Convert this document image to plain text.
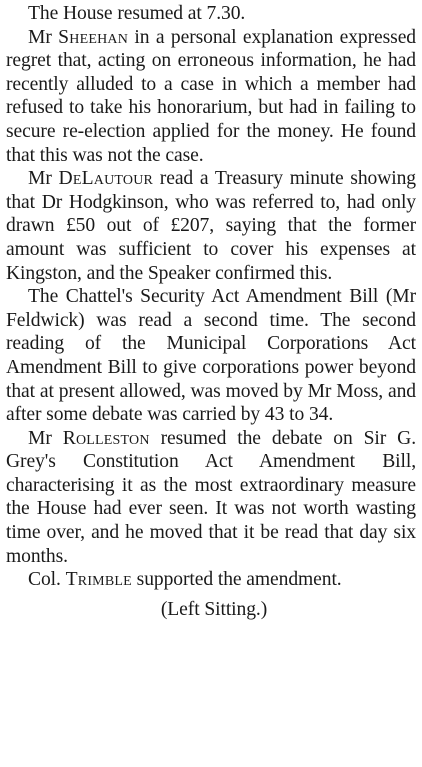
The House resumed at 7.30.

Mr Sheehan in a personal explanation expressed regret that, acting on erroneous information, he had recently alluded to a case in which a member had refused to take his honorarium, but had in failing to secure re-election applied for the money. He found that this was not the case.

Mr DeLautour read a Treasury minute showing that Dr Hodgkinson, who was referred to, had only drawn £50 out of £207, saying that the former amount was sufficient to cover his expenses at Kingston, and the Speaker confirmed this.

The Chattel's Security Act Amendment Bill (Mr Feldwick) was read a second time. The second reading of the Municipal Corporations Act Amendment Bill to give corporations power beyond that at present allowed, was moved by Mr Moss, and after some debate was carried by 43 to 34.

Mr Rolleston resumed the debate on Sir G. Grey's Constitution Act Amendment Bill, characterising it as the most extraordinary measure the House had ever seen. It was not worth wasting time over, and he moved that it be read that day six months.

Col. Trimble supported the amendment.

(Left Sitting.)
